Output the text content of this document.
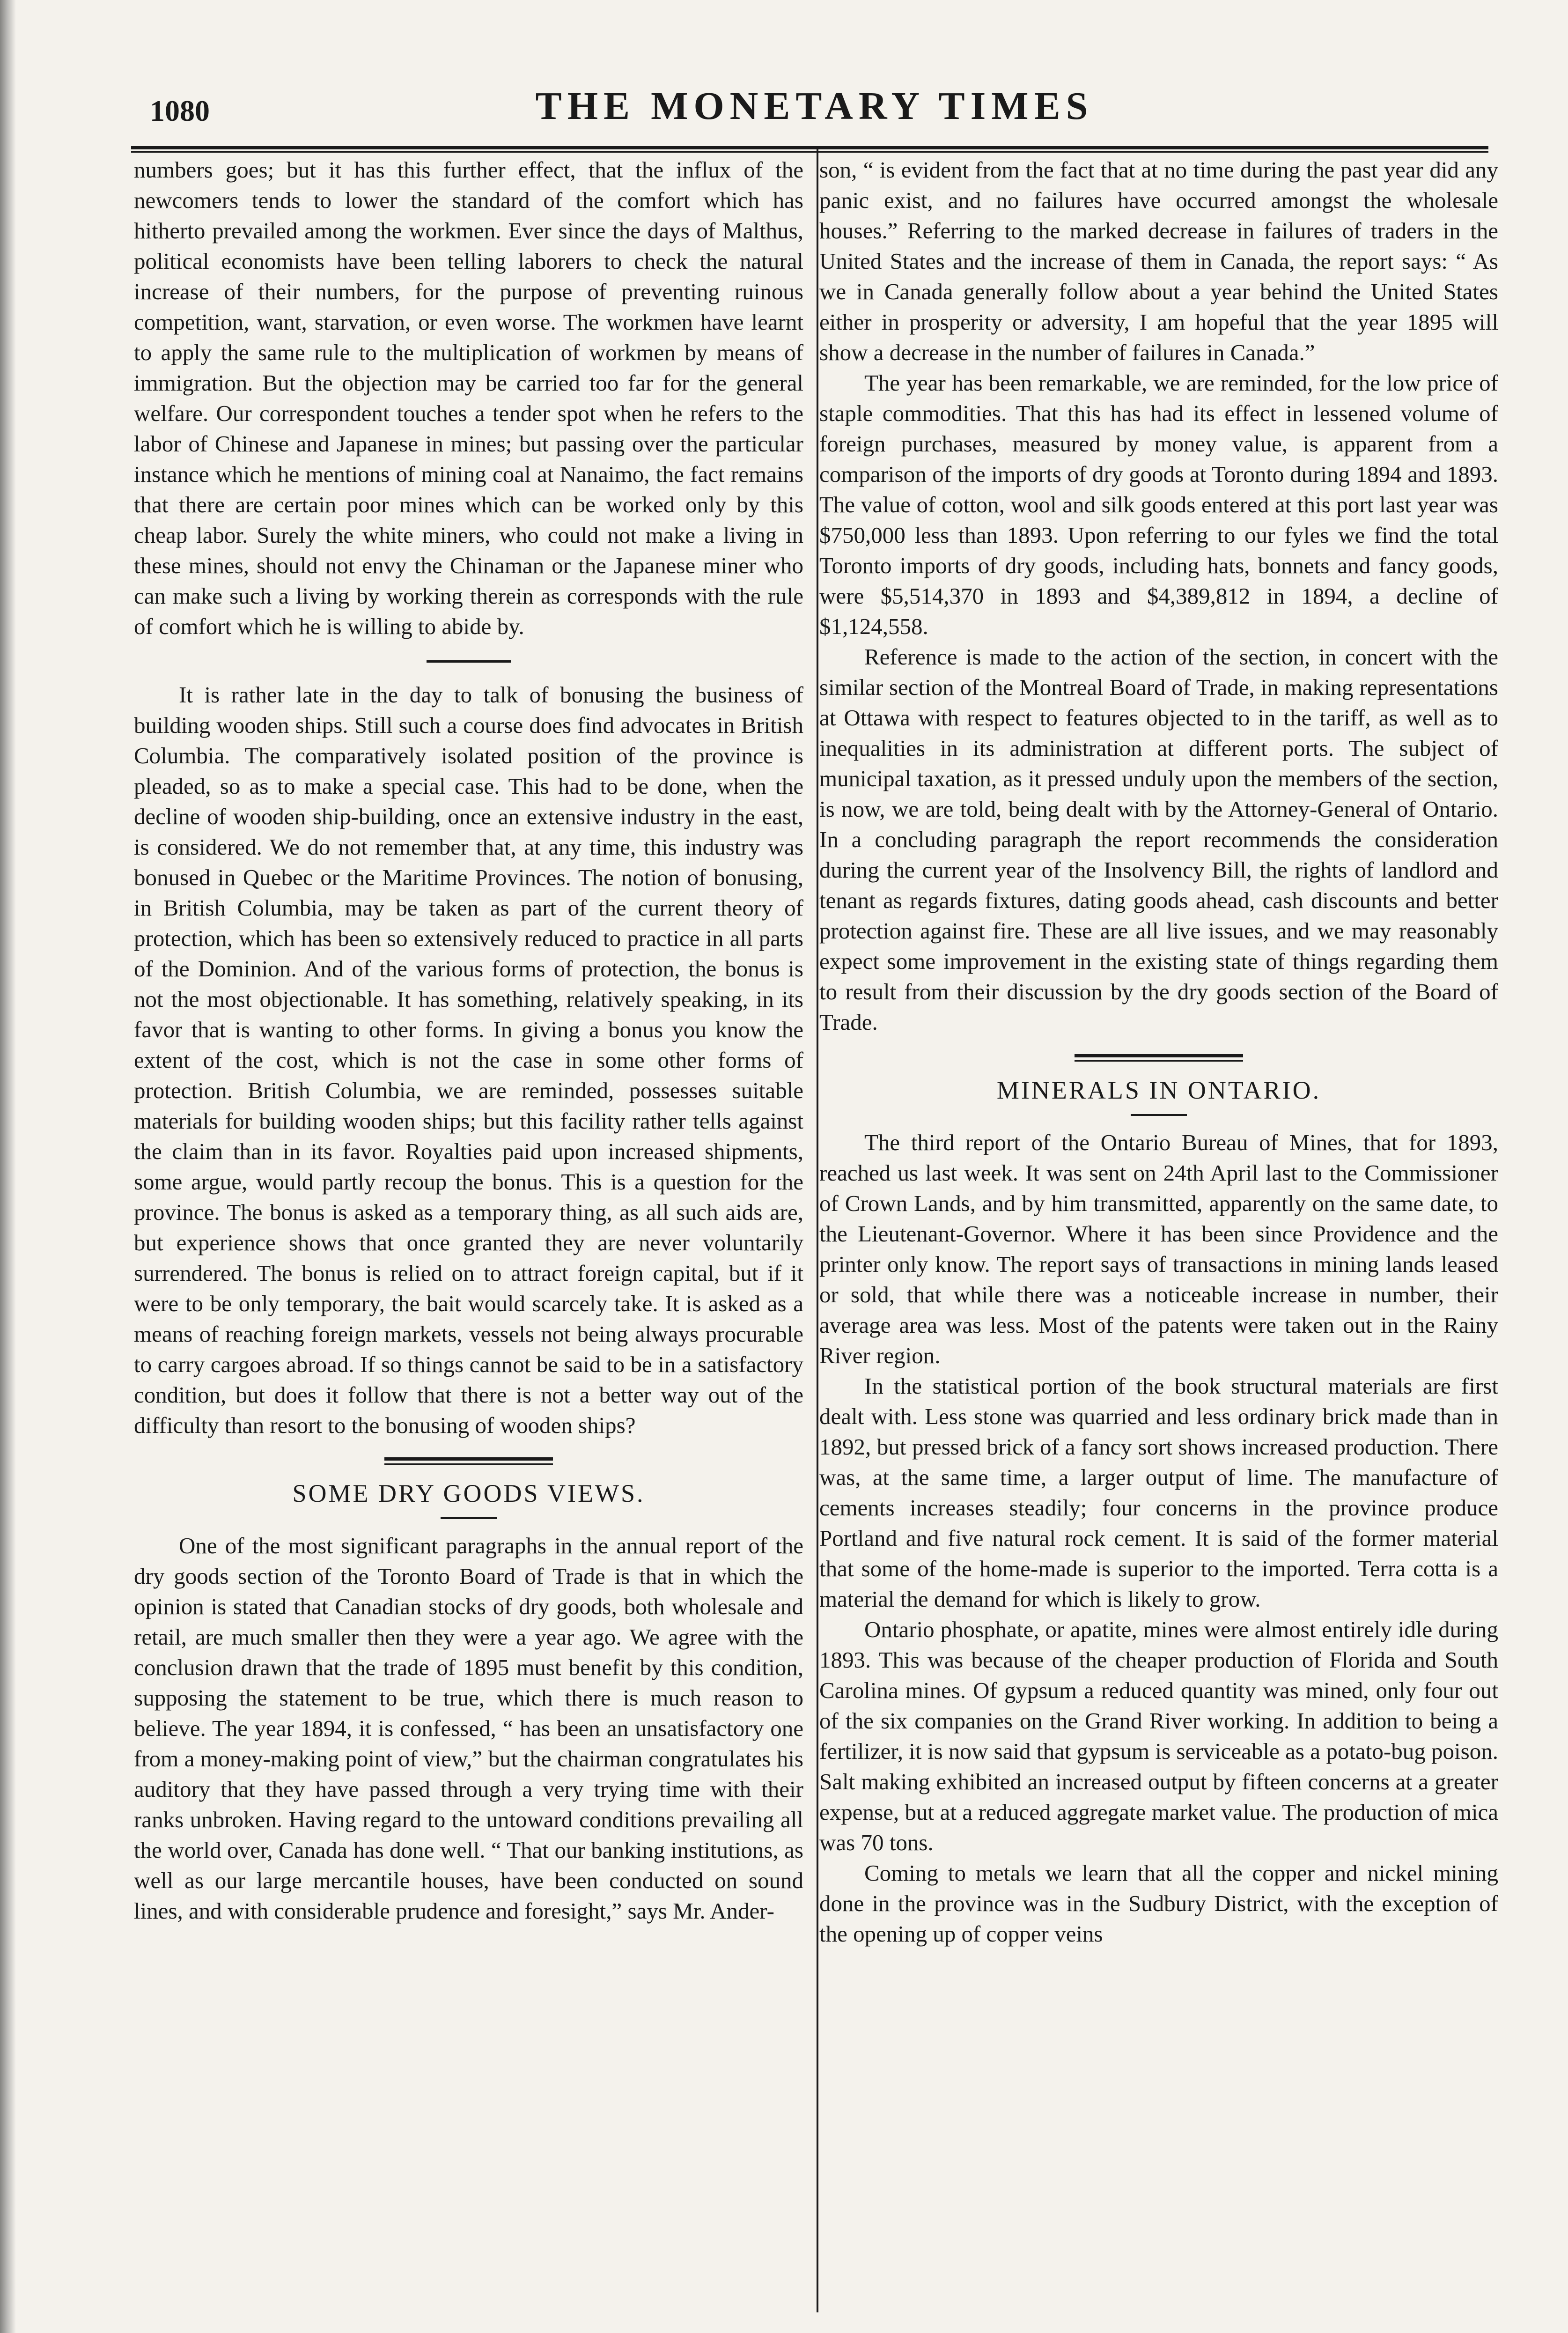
1080	THE MONETARY TIMES

numbers goes; but it has this further effect, that the influx of the newcomers tends to lower the standard of the comfort which has hitherto prevailed among the workmen. Ever since the days of Malthus, political economists have been telling laborers to check the natural increase of their numbers, for the purpose of preventing ruinous competition, want, starvation, or even worse. The workmen have learnt to apply the same rule to the multiplication of workmen by means of immigration. But the objection may be carried too far for the general welfare. Our correspondent touches a tender spot when he refers to the labor of Chinese and Japanese in mines; but passing over the particular instance which he mentions of mining coal at Nanaimo, the fact remains that there are certain poor mines which can be worked only by this cheap labor. Surely the white miners, who could not make a living in these mines, should not envy the Chinaman or the Japanese miner who can make such a living by working therein as corresponds with the rule of comfort which he is willing to abide by.

It is rather late in the day to talk of bonusing the business of building wooden ships. Still such a course does find advocates in British Columbia. The comparatively isolated position of the province is pleaded, so as to make a special case. This had to be done, when the decline of wooden ship-building, once an extensive industry in the east, is considered. We do not remember that, at any time, this industry was bonused in Quebec or the Maritime Provinces. The notion of bonusing, in British Columbia, may be taken as part of the current theory of protection, which has been so extensively reduced to practice in all parts of the Dominion. And of the various forms of protection, the bonus is not the most objectionable. It has something, relatively speaking, in its favor that is wanting to other forms. In giving a bonus you know the extent of the cost, which is not the case in some other forms of protection. British Columbia, we are reminded, possesses suitable materials for building wooden ships; but this facility rather tells against the claim than in its favor. Royalties paid upon increased shipments, some argue, would partly recoup the bonus. This is a question for the province. The bonus is asked as a temporary thing, as all such aids are, but experience shows that once granted they are never voluntarily surrendered. The bonus is relied on to attract foreign capital, but if it were to be only temporary, the bait would scarcely take. It is asked as a means of reaching foreign markets, vessels not being always procurable to carry cargoes abroad. If so things cannot be said to be in a satisfactory condition, but does it follow that there is not a better way out of the difficulty than resort to the bonusing of wooden ships?

SOME DRY GOODS VIEWS.

One of the most significant paragraphs in the annual report of the dry goods section of the Toronto Board of Trade is that in which the opinion is stated that Canadian stocks of dry goods, both wholesale and retail, are much smaller then they were a year ago. We agree with the conclusion drawn that the trade of 1895 must benefit by this condition, supposing the statement to be true, which there is much reason to believe. The year 1894, it is confessed, “ has been an unsatisfactory one from a money-making point of view,” but the chairman congratulates his auditory that they have passed through a very trying time with their ranks unbroken. Having regard to the untoward conditions prevailing all the world over, Canada has done well. “ That our banking institutions, as well as our large mercantile houses, have been conducted on sound lines, and with considerable prudence and foresight,” says Mr. Ander-

son, “ is evident from the fact that at no time during the past year did any panic exist, and no failures have occurred amongst the wholesale houses.” Referring to the marked decrease in failures of traders in the United States and the increase of them in Canada, the report says: “ As we in Canada generally follow about a year behind the United States either in prosperity or adversity, I am hopeful that the year 1895 will show a decrease in the number of failures in Canada.”

The year has been remarkable, we are reminded, for the low price of staple commodities. That this has had its effect in lessened volume of foreign purchases, measured by money value, is apparent from a comparison of the imports of dry goods at Toronto during 1894 and 1893. The value of cotton, wool and silk goods entered at this port last year was $750,000 less than 1893. Upon referring to our fyles we find the total Toronto imports of dry goods, including hats, bonnets and fancy goods, were $5,514,370 in 1893 and $4,389,812 in 1894, a decline of $1,124,558.

Reference is made to the action of the section, in concert with the similar section of the Montreal Board of Trade, in making representations at Ottawa with respect to features objected to in the tariff, as well as to inequalities in its administration at different ports. The subject of municipal taxation, as it pressed unduly upon the members of the section, is now, we are told, being dealt with by the Attorney-General of Ontario. In a concluding paragraph the report recommends the consideration during the current year of the Insolvency Bill, the rights of landlord and tenant as regards fixtures, dating goods ahead, cash discounts and better protection against fire. These are all live issues, and we may reasonably expect some improvement in the existing state of things regarding them to result from their discussion by the dry goods section of the Board of Trade.

MINERALS IN ONTARIO.

The third report of the Ontario Bureau of Mines, that for 1893, reached us last week. It was sent on 24th April last to the Commissioner of Crown Lands, and by him transmitted, apparently on the same date, to the Lieutenant-Governor. Where it has been since Providence and the printer only know. The report says of transactions in mining lands leased or sold, that while there was a noticeable increase in number, their average area was less. Most of the patents were taken out in the Rainy River region.

In the statistical portion of the book structural materials are first dealt with. Less stone was quarried and less ordinary brick made than in 1892, but pressed brick of a fancy sort shows increased production. There was, at the same time, a larger output of lime. The manufacture of cements increases steadily; four concerns in the province produce Portland and five natural rock cement. It is said of the former material that some of the home-made is superior to the imported. Terra cotta is a material the demand for which is likely to grow.

Ontario phosphate, or apatite, mines were almost entirely idle during 1893. This was because of the cheaper production of Florida and South Carolina mines. Of gypsum a reduced quantity was mined, only four out of the six companies on the Grand River working. In addition to being a fertilizer, it is now said that gypsum is serviceable as a potato-bug poison. Salt making exhibited an increased output by fifteen concerns at a greater expense, but at a reduced aggregate market value. The production of mica was 70 tons.

Coming to metals we learn that all the copper and nickel mining done in the province was in the Sudbury District, with the exception of the opening up of copper veins
